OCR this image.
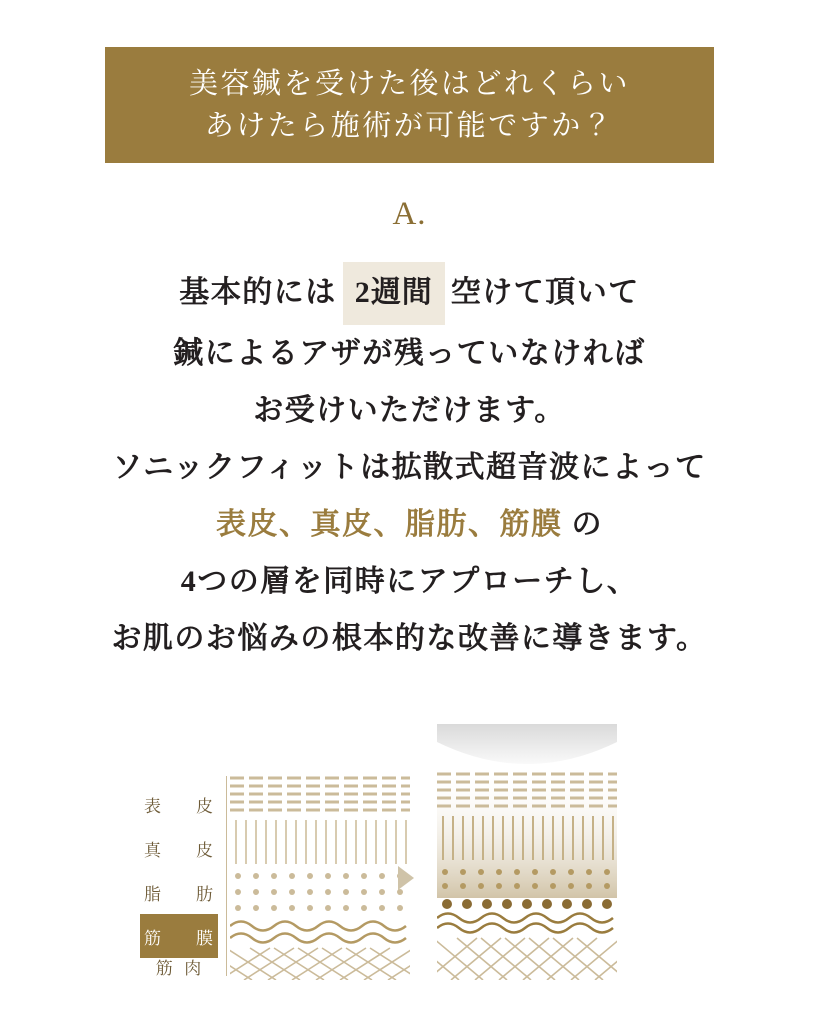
美容鍼を受けた後はどれくらい
あけたら施術が可能ですか？
A.
基本的には 2週間 空けて頂いて
鍼によるアザが残っていなければ
お受けいただけます。
ソニックフィットは拡散式超音波によって
表皮、真皮、脂肪、筋膜 の
4つの層を同時にアプローチし、
お肌のお悩みの根本的な改善に導きます。
表 皮
真 皮
脂 肪
筋 膜
筋 肉
